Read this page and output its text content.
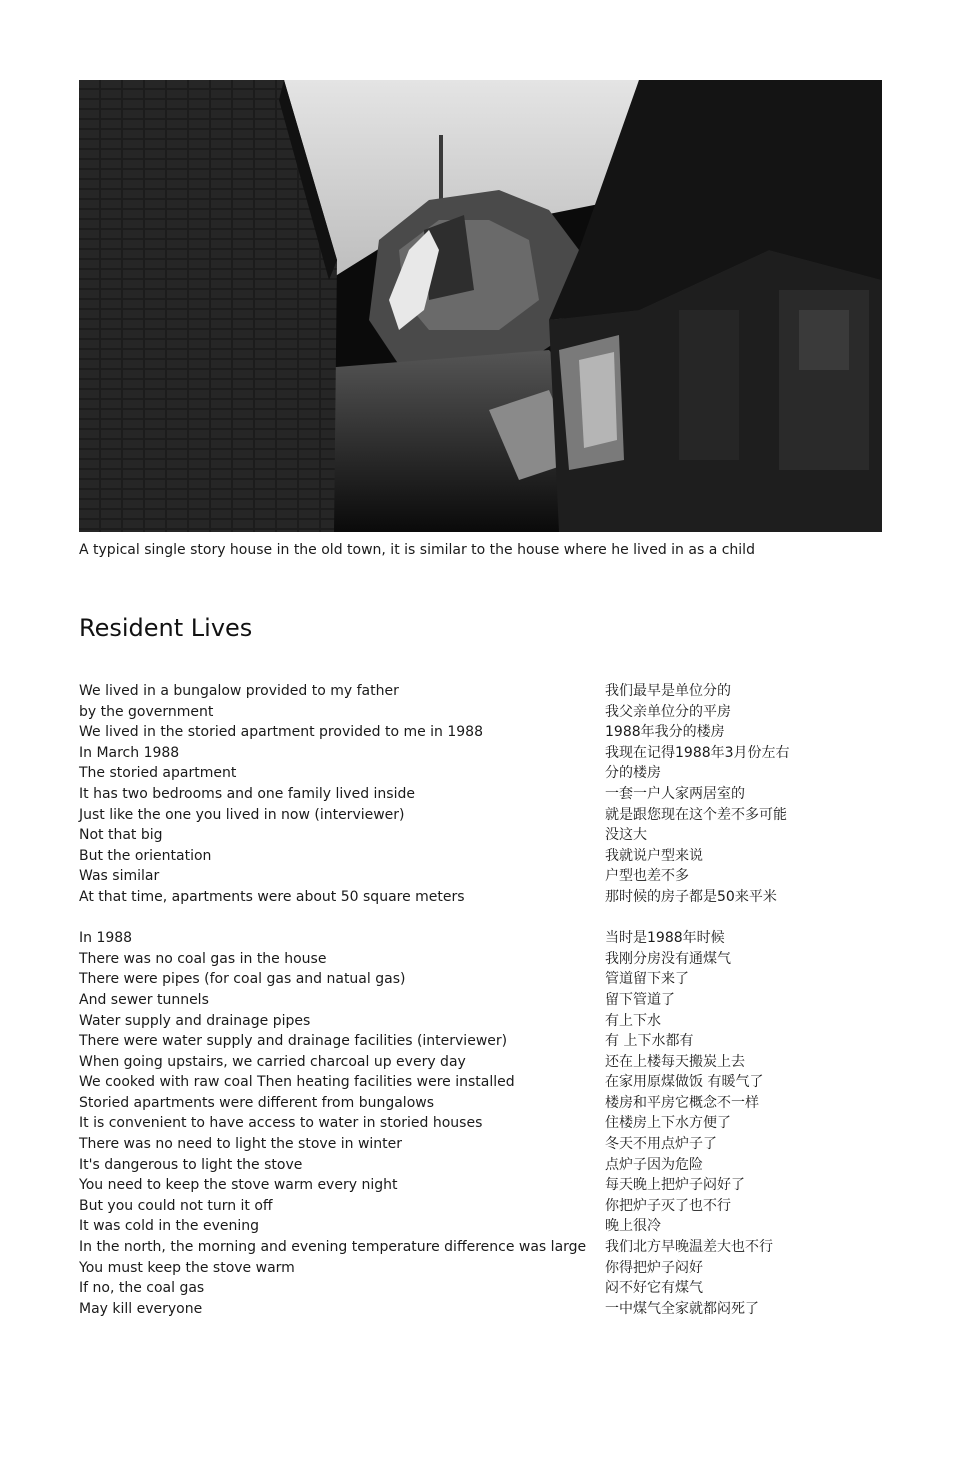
A typical single story house in the old town, it is similar to the house where he lived in as a child
Resident Lives
We lived in a bungalow provided to my father
by the government
We lived in the storied apartment provided to me in 1988
In March 1988
The storied apartment
It has two bedrooms and one family lived inside
Just like the one you lived in now (interviewer)
Not that big
But the orientation
Was similar
At that time, apartments were about 50 square meters
In 1988
There was no coal gas in the house
There were pipes (for coal gas and natual gas)
And sewer tunnels
Water supply and drainage pipes
There were water supply and drainage facilities (interviewer)
When going upstairs, we carried charcoal up every day
We cooked with raw coal Then heating facilities were installed
Storied apartments were different from bungalows
It is convenient to have access to water in storied houses
There was no need to light the stove in winter
It's dangerous to light the stove
You need to keep the stove warm every night
But you could not turn it off
It was cold in the evening
In the north, the morning and evening temperature difference was large
You must keep the stove warm
If no, the coal gas
May kill everyone
我们最早是单位分的
我父亲单位分的平房
1988年我分的楼房
我现在记得1988年3月份左右
分的楼房
一套一户人家两居室的
就是跟您现在这个差不多可能
没这大
我就说户型来说
户型也差不多
那时候的房子都是50来平米
当时是1988年时候
我刚分房没有通煤气
管道留下来了
留下管道了
有上下水
有 上下水都有
还在上楼每天搬炭上去
在家用原煤做饭 有暖气了
楼房和平房它概念不一样
住楼房上下水方便了
冬天不用点炉子了
点炉子因为危险
每天晚上把炉子闷好了
你把炉子灭了也不行
晚上很冷
我们北方早晚温差大也不行
你得把炉子闷好
闷不好它有煤气
一中煤气全家就都闷死了
